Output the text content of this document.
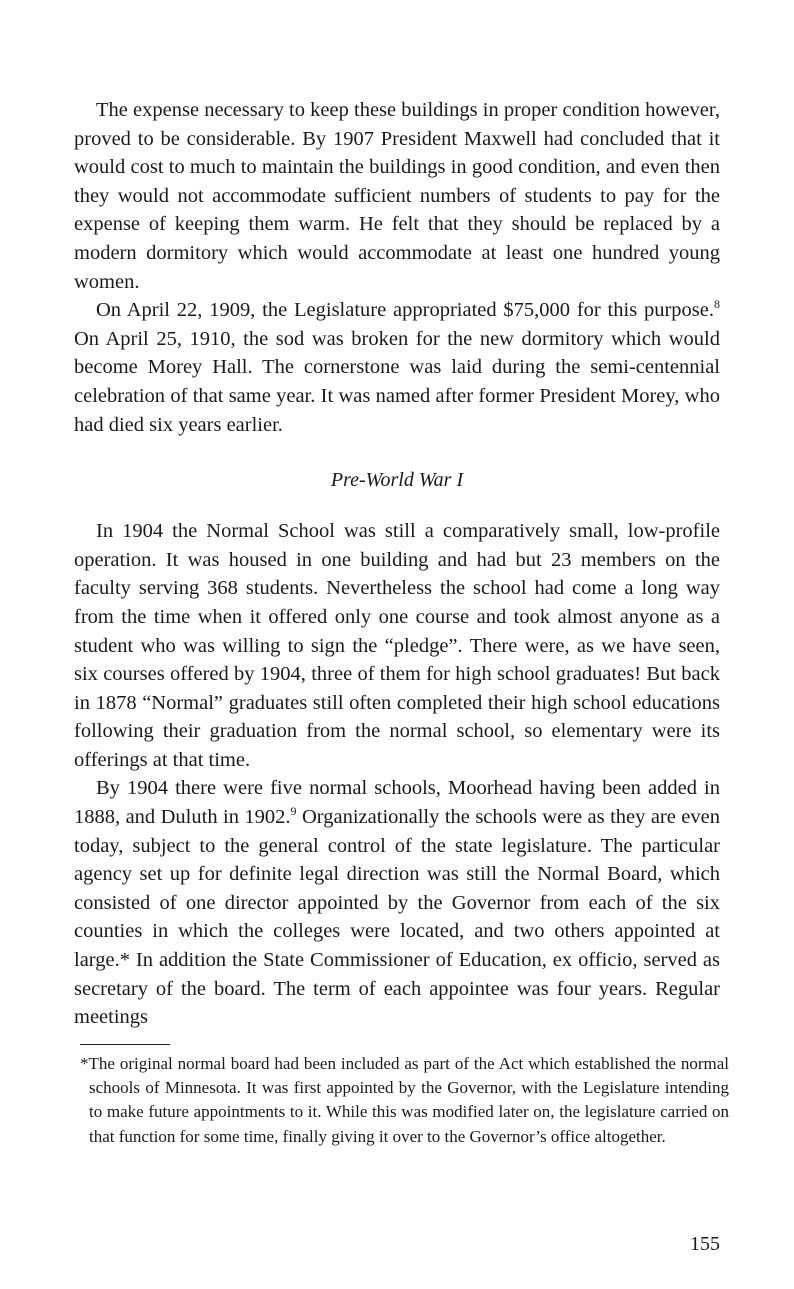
The expense necessary to keep these buildings in proper condition however, proved to be considerable. By 1907 President Maxwell had concluded that it would cost to much to maintain the buildings in good condition, and even then they would not accommodate sufficient numbers of students to pay for the expense of keeping them warm. He felt that they should be replaced by a modern dormitory which would accommodate at least one hundred young women.

On April 22, 1909, the Legislature appropriated $75,000 for this purpose.$^8$ On April 25, 1910, the sod was broken for the new dormitory which would become Morey Hall. The cornerstone was laid during the semi-centennial celebration of that same year. It was named after former President Morey, who had died six years earlier.

Pre-World War I

In 1904 the Normal School was still a comparatively small, low-profile operation. It was housed in one building and had but 23 members on the faculty serving 368 students. Nevertheless the school had come a long way from the time when it offered only one course and took almost anyone as a student who was willing to sign the “pledge”. There were, as we have seen, six courses offered by 1904, three of them for high school graduates! But back in 1878 “Normal” graduates still often completed their high school educations following their graduation from the normal school, so elementary were its offerings at that time.

By 1904 there were five normal schools, Moorhead having been added in 1888, and Duluth in 1902.$^9$ Organizationally the schools were as they are even today, subject to the general control of the state legislature. The particular agency set up for definite legal direction was still the Normal Board, which consisted of one director appointed by the Governor from each of the six counties in which the colleges were located, and two others appointed at large.* In addition the State Commissioner of Education, ex officio, served as secretary of the board. The term of each appointee was four years. Regular meetings

*The original normal board had been included as part of the Act which established the normal schools of Minnesota. It was first appointed by the Governor, with the Legislature intending to make future appointments to it. While this was modified later on, the legislature carried on that function for some time, finally giving it over to the Governor’s office altogether.

155
